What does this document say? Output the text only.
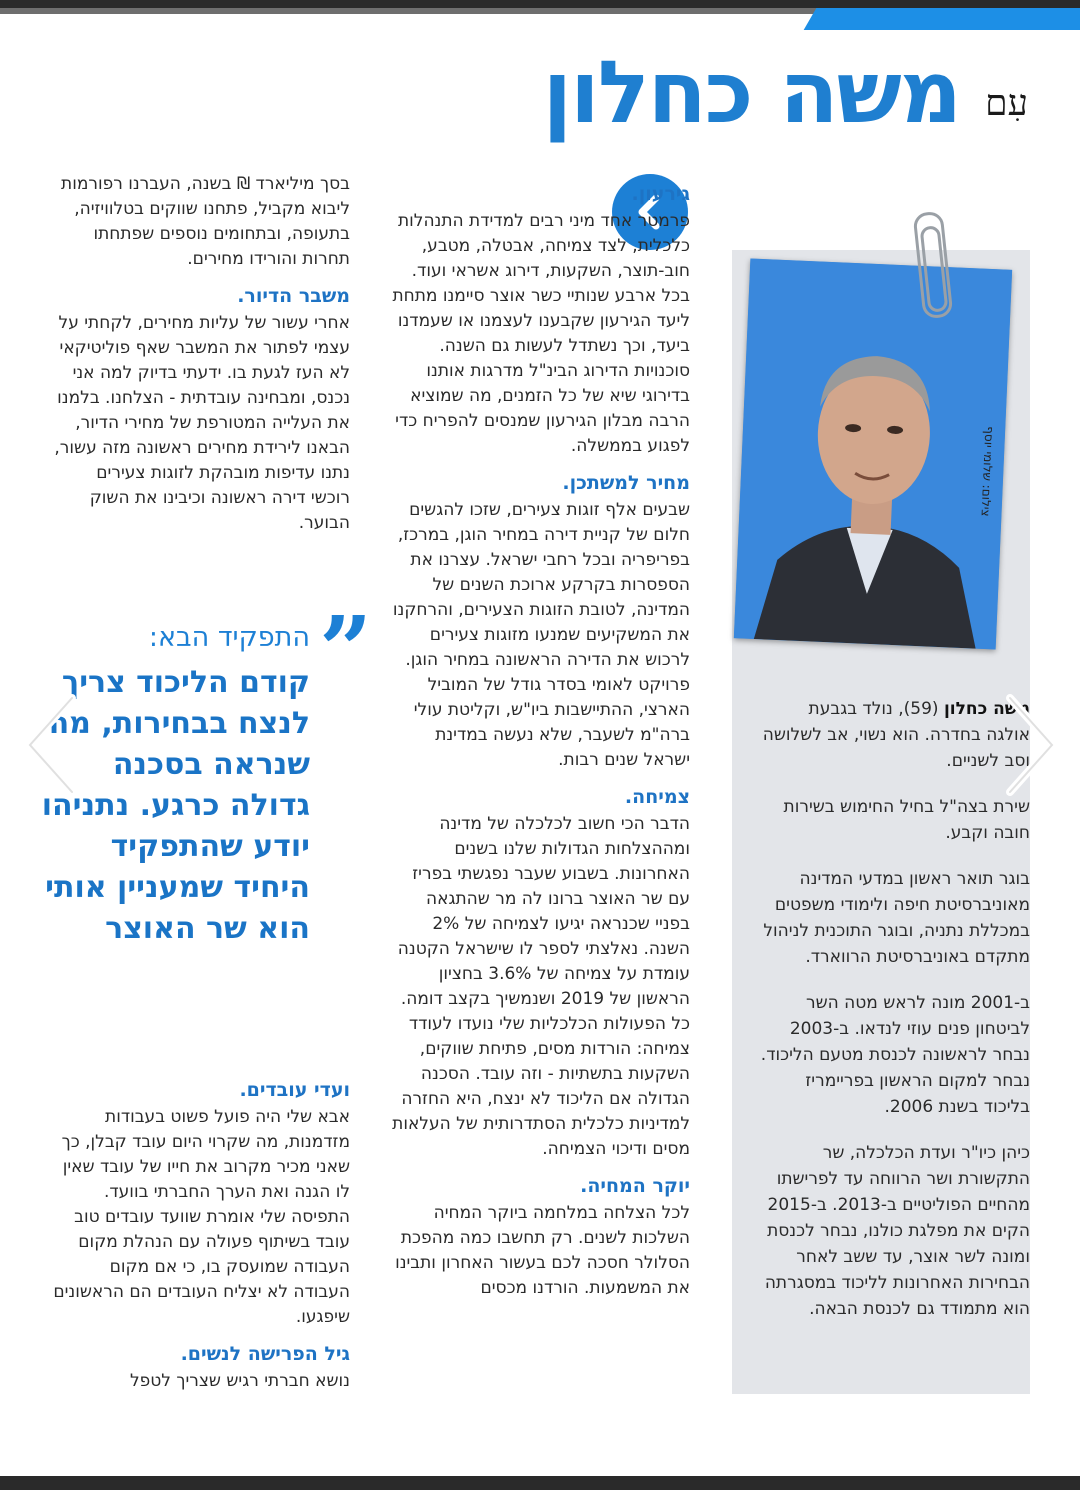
עִם
משה כחלון
צילום: שלומי יוסף

משה כחלון (59), נולד בגבעת אולגה בחדרה. הוא נשוי, אב לשלושה וסב לשניים.

שירת בצה"ל בחיל החימוש בשירות חובה וקבע.

בוגר תואר ראשון במדעי המדינה מאוניברסיטת חיפה ולימודי משפטים במכללת נתניה, ובוגר התוכנית לניהול מתקדם באוניברסיטת הרווארד.

ב-2001 מונה לראש מטה השר לביטחון פנים עוזי לנדאו. ב-2003 נבחר לראשונה לכנסת מטעם הליכוד. נבחר למקום הראשון בפריימריז בליכוד בשנת 2006.

כיהן כיו"ר ועדת הכלכלה, שר התקשורת ושר הרווחה עד לפרישתו מהחיים הפוליטיים ב-2013. ב-2015 הקים את מפלגת כולנו, נבחר לכנסת ומונה לשר אוצר, עד ששב לאחר הבחירות האחרונות לליכוד במסגרתה הוא מתמודד גם לכנסת הבאה.

גירעון.

פרמטר אחד מיני רבים למדידת התנהלות כלכלית, לצד צמיחה, אבטלה, מטבע, חוב-תוצר, השקעות, דירוג אשראי ועוד. בכל ארבע שנותיי כשר אוצר סיימנו מתחת ליעד הגירעון שקבענו לעצמנו או שעמדנו ביעד, וכך נשתדל לעשות גם השנה. סוכנויות הדירוג הבינ"ל מדרגות אותנו בדירוגי שיא של כל הזמנים, מה שמוציא הרבה מבלון הגירעון שמנסים להפריח כדי לפגוע בממשלה.

מחיר למשתכן.

שבעים אלף זוגות צעירים, שזכו להגשים חלום של קניית דירה במחיר הוגן, במרכז, בפריפריה ובכל רחבי ישראל. עצרנו את הספסרות בקרקע ארוכת השנים של המדינה, לטובת הזוגות הצעירים, והרחקנו את המשקיעים שמנעו מזוגות צעירים לרכוש את הדירה הראשונה במחיר הוגן. פרויקט לאומי בסדר גודל של המוביל הארצי, ההתיישבות ביו"ש, וקליטת עולי ברה"מ לשעבר, שלא נעשה במדינת ישראל שנים רבות.

צמיחה.

הדבר הכי חשוב לכלכלה של מדינה ומההצלחות הגדולות שלנו בשנים האחרונות. בשבוע שעבר נפגשתי בפריז עם שר האוצר ברונו לה מר שהתגאה בפניי שכנראה יגיעו לצמיחה של 2% השנה. נאלצתי לספר לו שישראל הקטנה עומדת על צמיחה של 3.6% בחציון הראשון של 2019 ושנמשיך בקצב דומה. כל הפעולות הכלכליות שלי נועדו לעודד צמיחה: הורדות מסים, פתיחת שווקים, השקעות בתשתיות - וזה עובד. הסכנה הגדולה אם הליכוד לא ינצח, היא החזרה למדיניות כלכלית הסתדרותית של העלאות מסים ודיכוי הצמיחה.

יוקר המחיה.

לכל הצלחה במלחמה ביוקר המחיה השלכות לשנים. רק תחשבו כמה מהפכת הסלולר חסכה לכם בעשור האחרון ותבינו את המשמעות. הורדנו מכסים

בסך מיליארד ₪ בשנה, העברנו רפורמות ליבוא מקביל, פתחנו שווקים בטלוויזיה, בתעופה, ובתחומים נוספים שפתחתו תחרות והורידו מחירים.

משבר הדיור.

אחרי עשור של עליות מחירים, לקחתי על עצמי לפתור את המשבר שאף פוליטיקאי לא העז לגעת בו. ידעתי בדיוק למה אני נכנס, ומבחינה עובדתית - הצלחנו. בלמנו את העלייה המטורפת של מחירי הדיור, הבאנו לירידת מחירים ראשונה מזה עשור, נתנו עדיפות מובהקת לזוגות צעירים רוכשי דירה ראשונה וכיבינו את השוק הבוער.

”
התפקיד הבא:
קודם הליכוד צריך לנצח בבחירות, מה שנראה בסכנה גדולה כרגע. נתניהו יודע שהתפקיד היחיד שמעניין אותי הוא שר האוצר
ועדי עובדים.

אבא שלי היה פועל פשוט בעבודות מזדמנות, מה שקרוי היום עובד קבלן, כך שאני מכיר מקרוב את חייו של עובד שאין לו הגנה ואת הערך החברתי בוועד. התפיסה שלי אומרת שוועד עובדים טוב עובד בשיתוף פעולה עם הנהלת מקום העבודה שמועסק בו, כי אם מקום העבודה לא יצליח העובדים הם הראשונים שיפגעו.

גיל הפרישה לנשים.

נושא חברתי רגיש שצריך לטפל
